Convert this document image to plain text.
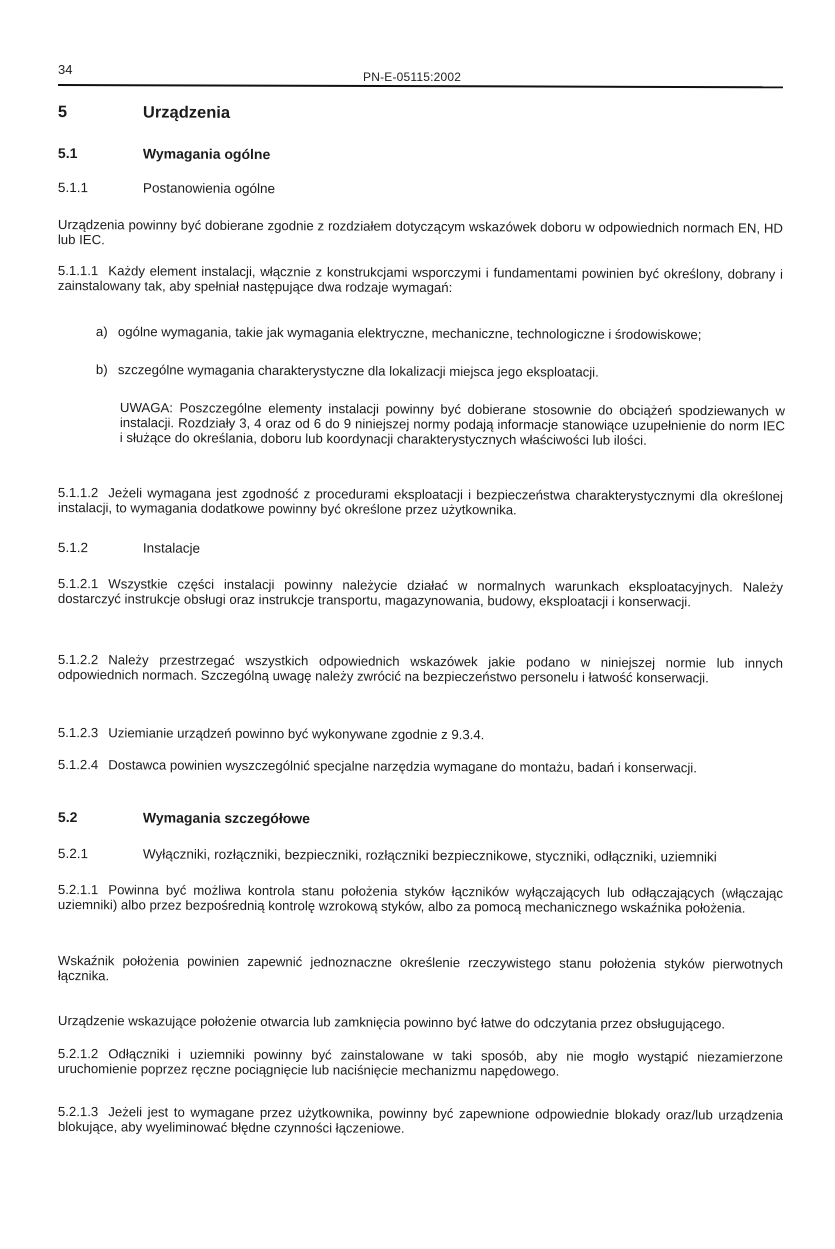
34	PN-E-05115:2002
5	Urządzenia
5.1	Wymagania ogólne
5.1.1	Postanowienia ogólne
Urządzenia powinny być dobierane zgodnie z rozdziałem dotyczącym wskazówek doboru w odpowiednich normach EN, HD lub IEC.
5.1.1.1 Każdy element instalacji, włącznie z konstrukcjami wsporczymi i fundamentami powinien być określony, dobrany i zainstalowany tak, aby spełniał następujące dwa rodzaje wymagań:
a) ogólne wymagania, takie jak wymagania elektryczne, mechaniczne, technologiczne i środowiskowe;
b) szczególne wymagania charakterystyczne dla lokalizacji miejsca jego eksploatacji.
UWAGA: Poszczególne elementy instalacji powinny być dobierane stosownie do obciążeń spodziewanych w instalacji. Rozdziały 3, 4 oraz od 6 do 9 niniejszej normy podają informacje stanowiące uzupełnienie do norm IEC i służące do określania, doboru lub koordynacji charakterystycznych właściwości lub ilości.
5.1.1.2 Jeżeli wymagana jest zgodność z procedurami eksploatacji i bezpieczeństwa charakterystycznymi dla określonej instalacji, to wymagania dodatkowe powinny być określone przez użytkownika.
5.1.2	Instalacje
5.1.2.1 Wszystkie części instalacji powinny należycie działać w normalnych warunkach eksploatacyjnych. Należy dostarczyć instrukcje obsługi oraz instrukcje transportu, magazynowania, budowy, eksploatacji i konserwacji.
5.1.2.2 Należy przestrzegać wszystkich odpowiednich wskazówek jakie podano w niniejszej normie lub innych odpowiednich normach. Szczególną uwagę należy zwrócić na bezpieczeństwo personelu i łatwość konserwacji.
5.1.2.3 Uziemianie urządzeń powinno być wykonywane zgodnie z 9.3.4.
5.1.2.4 Dostawca powinien wyszczególnić specjalne narzędzia wymagane do montażu, badań i konserwacji.
5.2	Wymagania szczegółowe
5.2.1	Wyłączniki, rozłączniki, bezpieczniki, rozłączniki bezpiecznikowe, styczniki, odłączniki, uziemniki
5.2.1.1 Powinna być możliwa kontrola stanu położenia styków łączników wyłączających lub odłączających (włączając uziemniki) albo przez bezpośrednią kontrolę wzrokową styków, albo za pomocą mechanicznego wskaźnika położenia.
Wskaźnik położenia powinien zapewnić jednoznaczne określenie rzeczywistego stanu położenia styków pierwotnych łącznika.
Urządzenie wskazujące położenie otwarcia lub zamknięcia powinno być łatwe do odczytania przez obsługującego.
5.2.1.2 Odłączniki i uziemniki powinny być zainstalowane w taki sposób, aby nie mogło wystąpić niezamierzone uruchomienie poprzez ręczne pociągnięcie lub naciśnięcie mechanizmu napędowego.
5.2.1.3 Jeżeli jest to wymagane przez użytkownika, powinny być zapewnione odpowiednie blokady oraz/lub urządzenia blokujące, aby wyeliminować błędne czynności łączeniowe.
